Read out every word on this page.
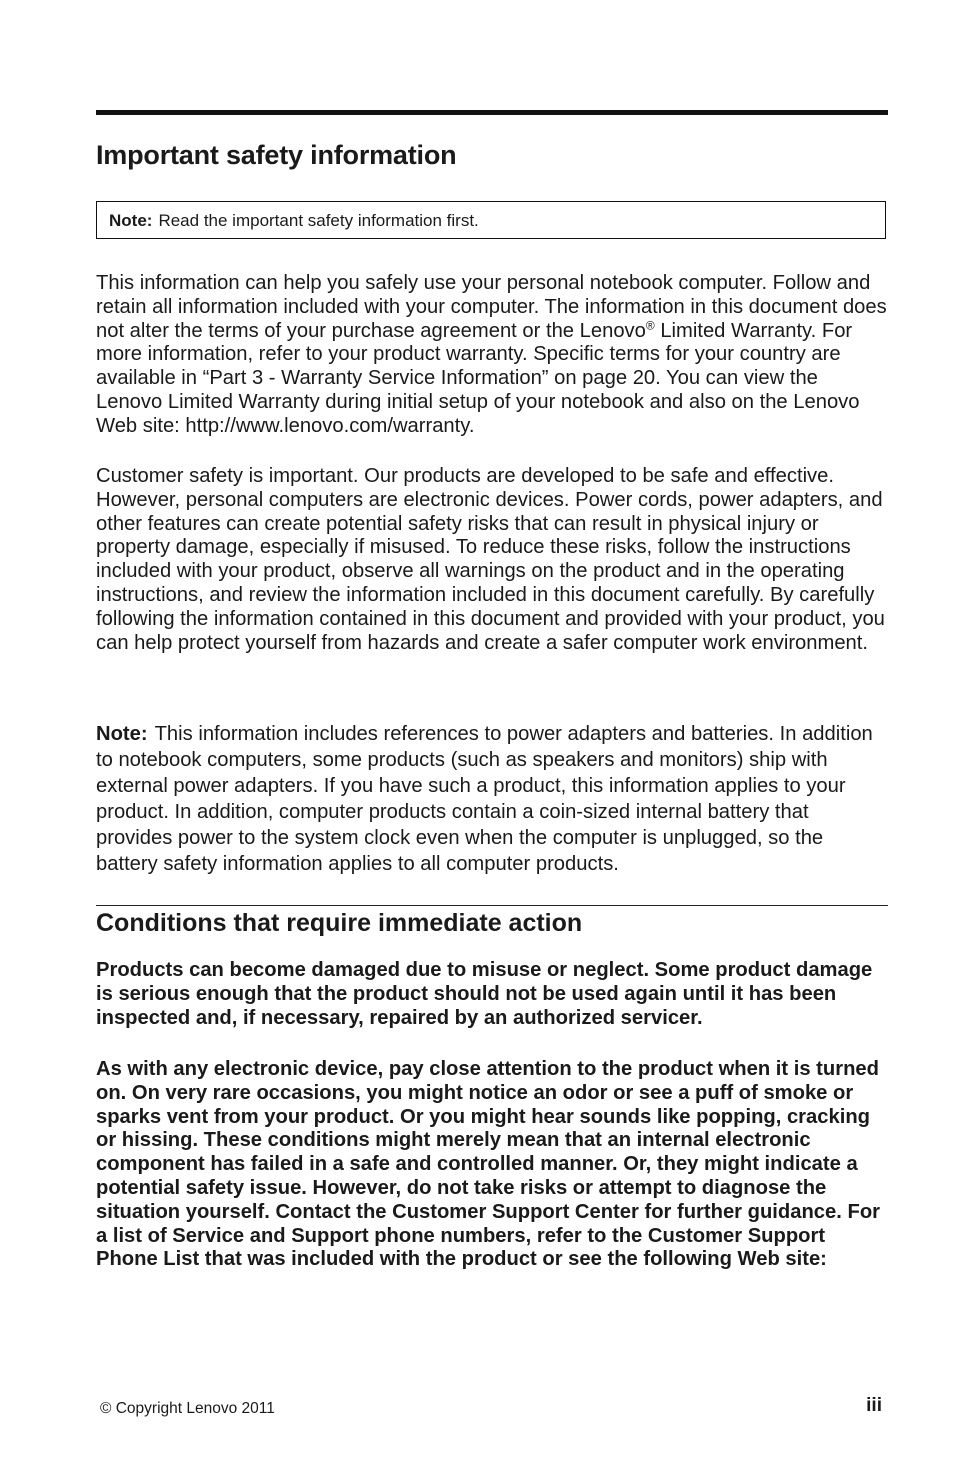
Important safety information
Note: Read the important safety information first.

This information can help you safely use your personal notebook computer. Follow and retain all information included with your computer. The information in this document does not alter the terms of your purchase agreement or the Lenovo® Limited Warranty. For more information, refer to your product warranty. Specific terms for your country are available in “Part 3 - Warranty Service Information” on page 20. You can view the Lenovo Limited Warranty during initial setup of your notebook and also on the Lenovo Web site: http://www.lenovo.com/warranty.

Customer safety is important. Our products are developed to be safe and effective. However, personal computers are electronic devices. Power cords, power adapters, and other features can create potential safety risks that can result in physical injury or property damage, especially if misused. To reduce these risks, follow the instructions included with your product, observe all warnings on the product and in the operating instructions, and review the information included in this document carefully. By carefully following the information contained in this document and provided with your product, you can help protect yourself from hazards and create a safer computer work environment.

Note: This information includes references to power adapters and batteries. In addition to notebook computers, some products (such as speakers and monitors) ship with external power adapters. If you have such a product, this information applies to your product. In addition, computer products contain a coin-sized internal battery that provides power to the system clock even when the computer is unplugged, so the battery safety information applies to all computer products.

Conditions that require immediate action

Products can become damaged due to misuse or neglect. Some product damage is serious enough that the product should not be used again until it has been inspected and, if necessary, repaired by an authorized servicer.

As with any electronic device, pay close attention to the product when it is turned on. On very rare occasions, you might notice an odor or see a puff of smoke or sparks vent from your product. Or you might hear sounds like popping, cracking or hissing. These conditions might merely mean that an internal electronic component has failed in a safe and controlled manner. Or, they might indicate a potential safety issue. However, do not take risks or attempt to diagnose the situation yourself. Contact the Customer Support Center for further guidance. For a list of Service and Support phone numbers, refer to the Customer Support Phone List that was included with the product or see the following Web site:

© Copyright Lenovo 2011	iii
